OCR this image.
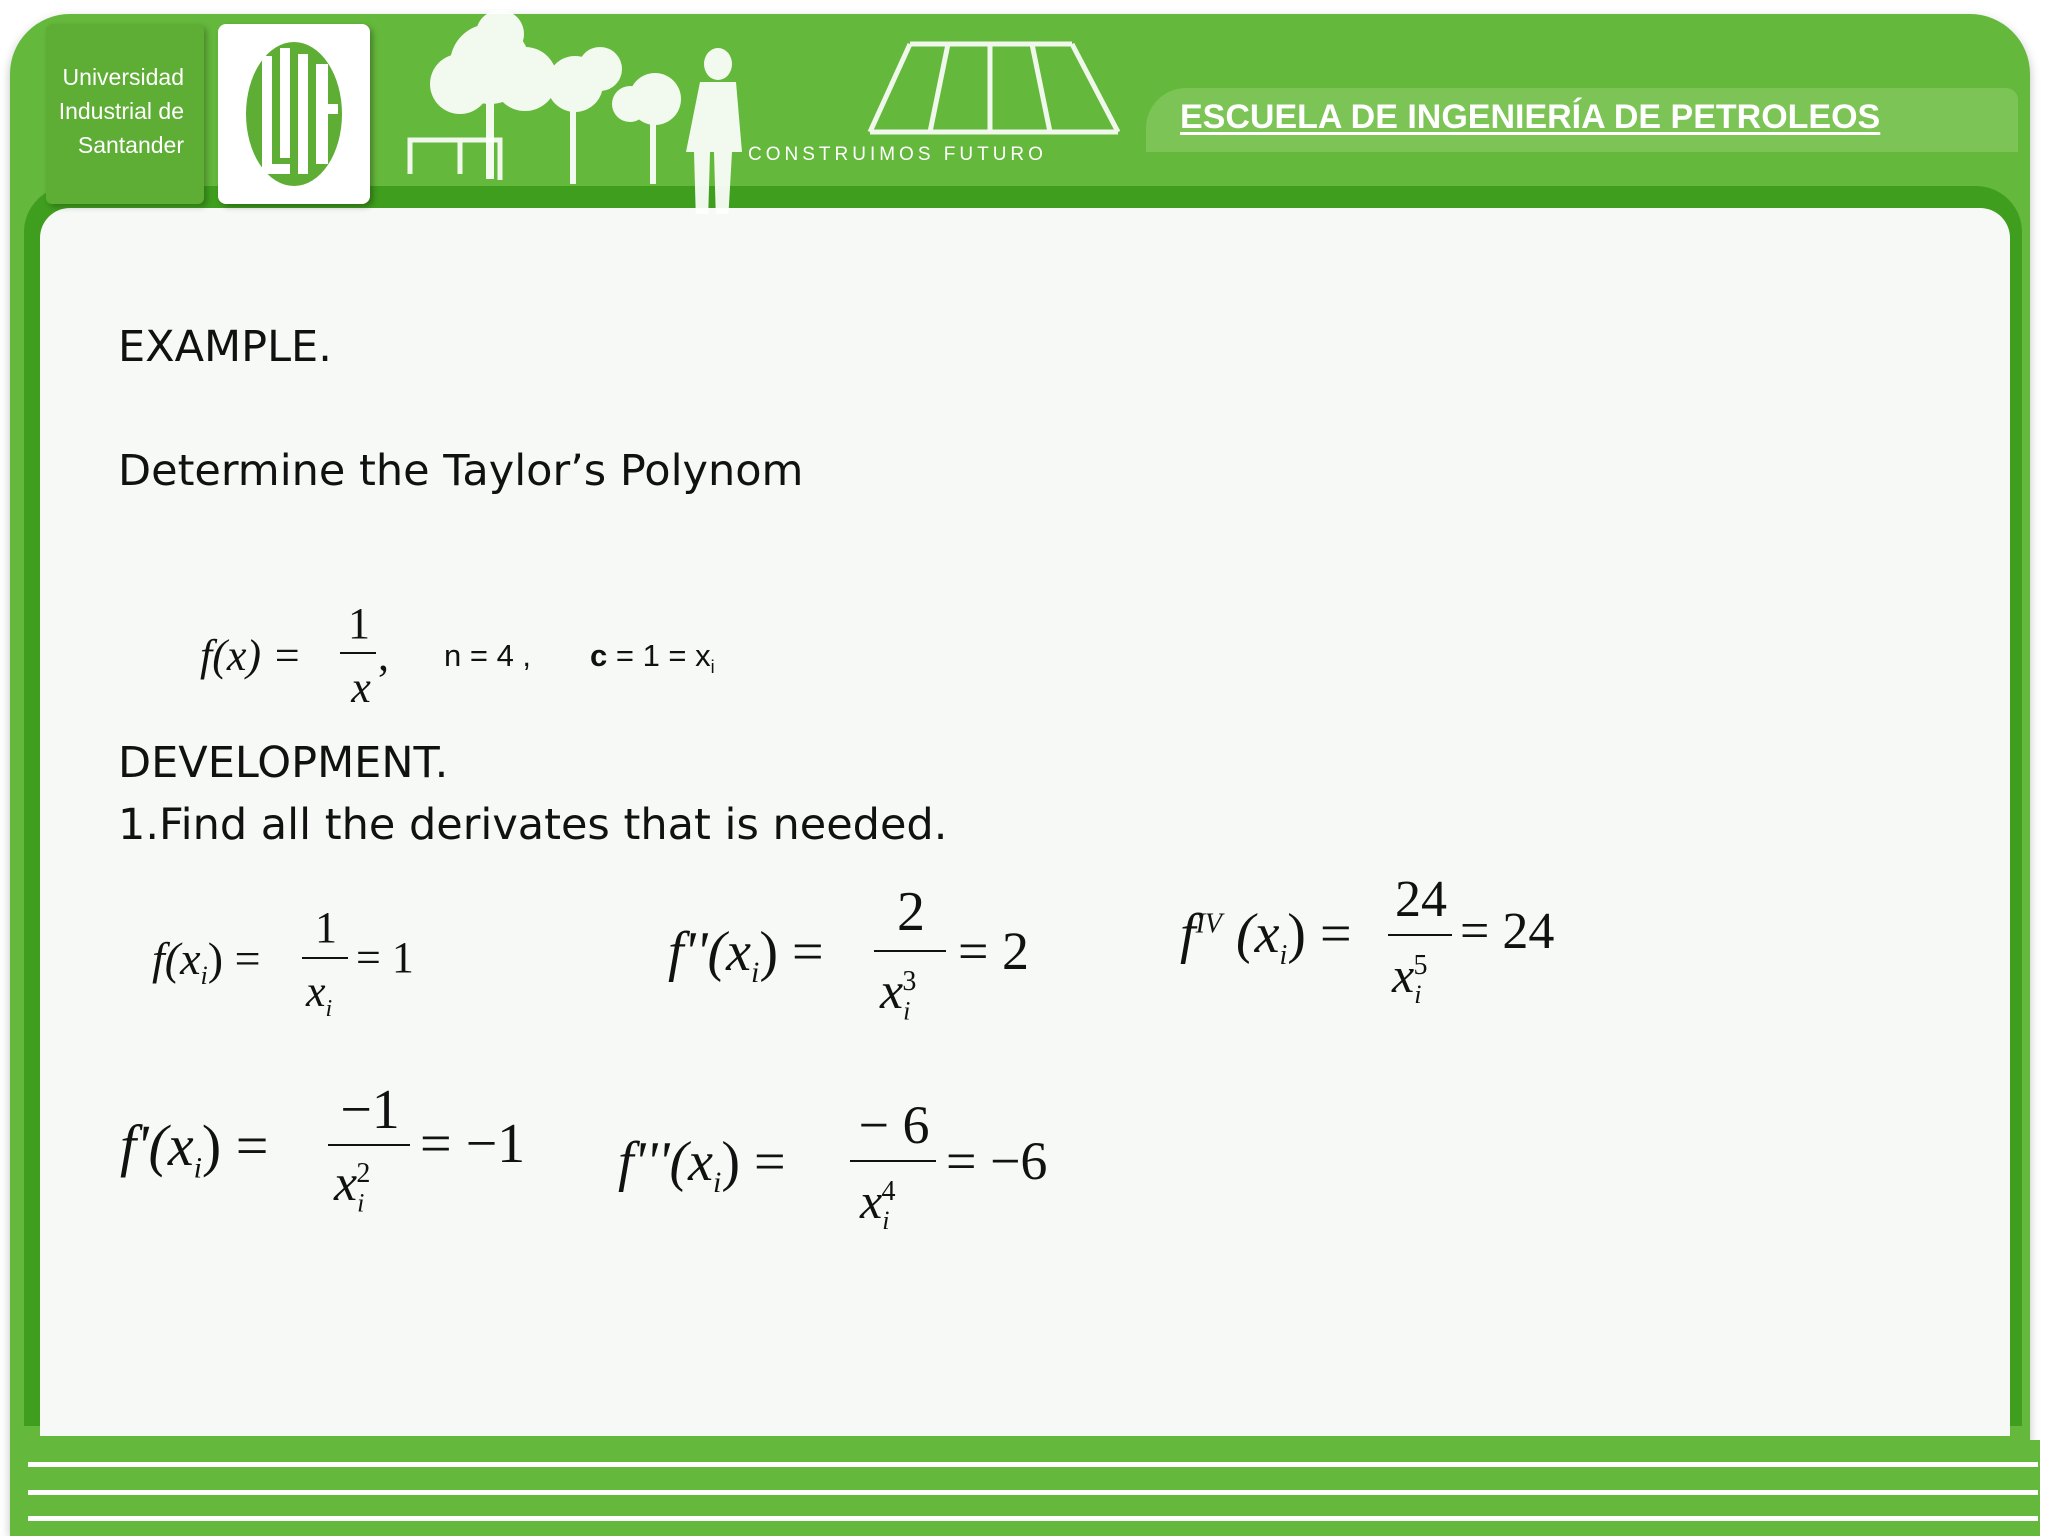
Universidad
Industrial de
Santander	CONSTRUIMOS FUTURO
ESCUELA DE INGENIERÍA DE PETROLEOS
EXAMPLE.
Determine the Taylor’s Polynom
f(x) =
1
x
, n = 4 , $c = 1 = x_i$
DEVELOPMENT.
1.Find all the derivates that is needed.
$f(x_i)$ =
1
$x_i$
= 1	$f''(x_i)$ =
2
$x_i^3$
= 2	$f^{IV}$ $(x_i)$ =
24
$x_i^5$
= 24
$f'(x_i)$ =
−1
$x_i^2 = -1$ $f'''(x_i)$ =
− 6
$x_i^4$
= −6
